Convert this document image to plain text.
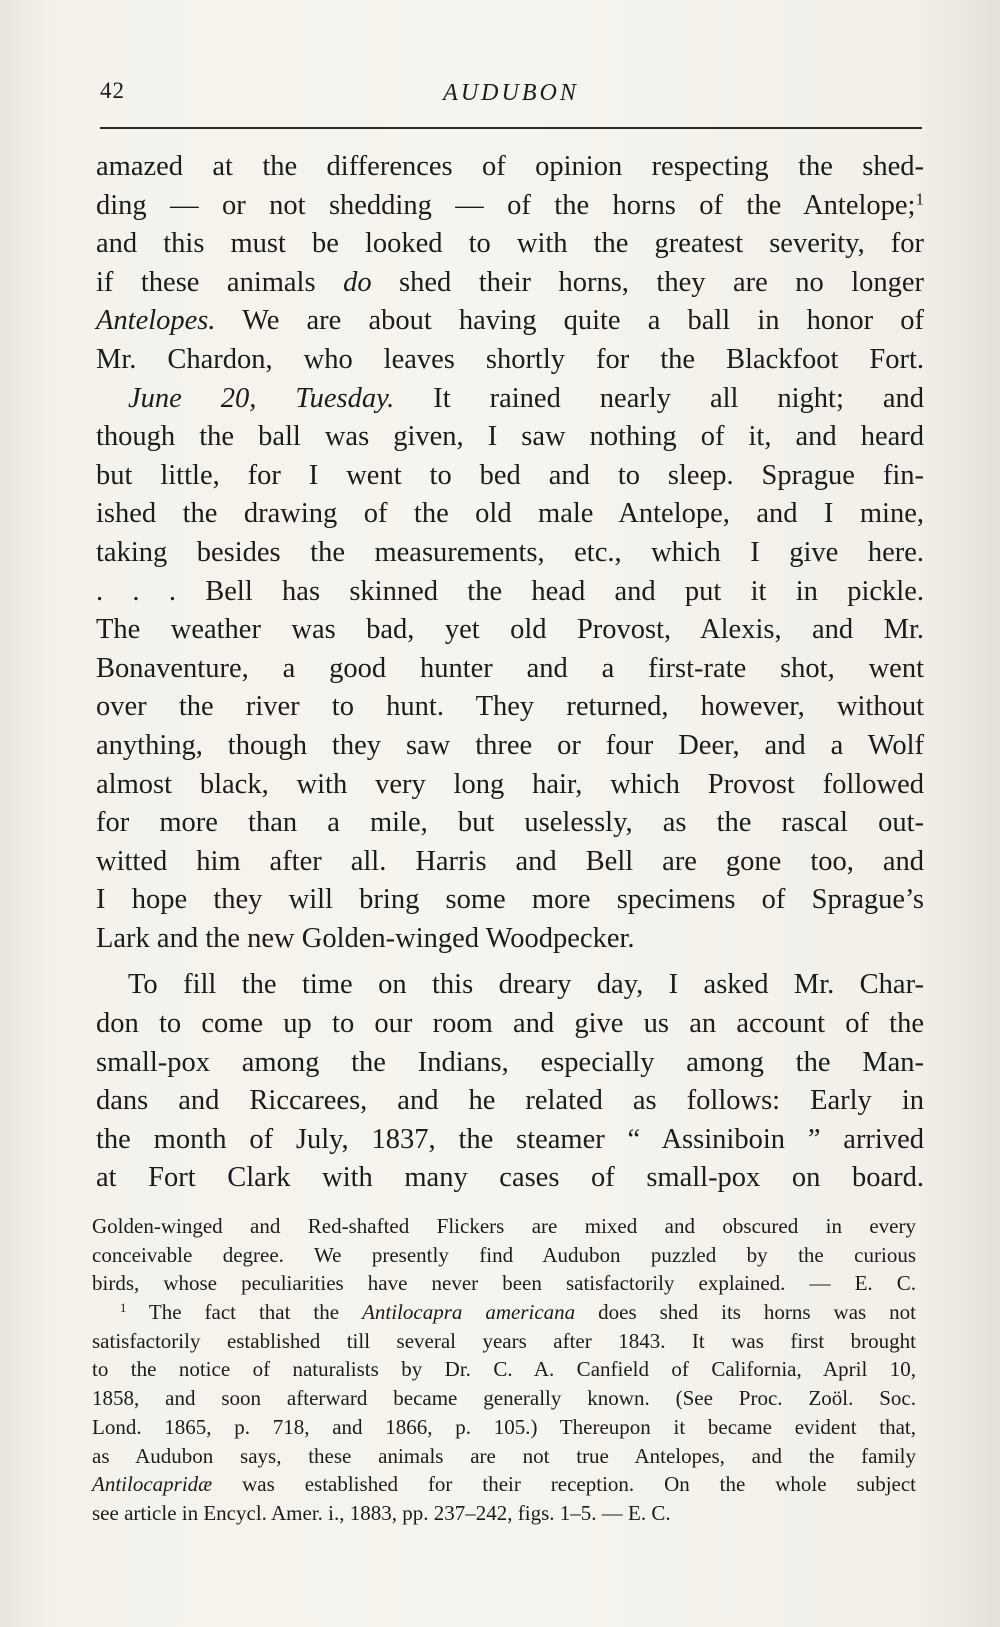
42	AUDUBON
amazed at the differences of opinion respecting the shed-
ding — or not shedding — of the horns of the Antelope;$^1$
and this must be looked to with the greatest severity, for
if these animals do shed their horns, they are no longer
Antelopes. We are about having quite a ball in honor of
Mr. Chardon, who leaves shortly for the Blackfoot Fort.
June 20, Tuesday. It rained nearly all night; and
though the ball was given, I saw nothing of it, and heard
but little, for I went to bed and to sleep. Sprague fin-
ished the drawing of the old male Antelope, and I mine,
taking besides the measurements, etc., which I give here.
. . . Bell has skinned the head and put it in pickle.
The weather was bad, yet old Provost, Alexis, and Mr.
Bonaventure, a good hunter and a first-rate shot, went
over the river to hunt. They returned, however, without
anything, though they saw three or four Deer, and a Wolf
almost black, with very long hair, which Provost followed
for more than a mile, but uselessly, as the rascal out-
witted him after all. Harris and Bell are gone too, and
I hope they will bring some more specimens of Sprague’s
Lark and the new Golden-winged Woodpecker.
To fill the time on this dreary day, I asked Mr. Char-
don to come up to our room and give us an account of the
small-pox among the Indians, especially among the Man-
dans and Riccarees, and he related as follows: Early in
the month of July, 1837, the steamer “ Assiniboin ” arrived
at Fort Clark with many cases of small-pox on board.
Golden-winged and Red-shafted Flickers are mixed and obscured in every
conceivable degree. We presently find Audubon puzzled by the curious
birds, whose peculiarities have never been satisfactorily explained. — E. C.
$^1$ The fact that the Antilocapra americana does shed its horns was not
satisfactorily established till several years after 1843. It was first brought
to the notice of naturalists by Dr. C. A. Canfield of California, April 10,
1858, and soon afterward became generally known. (See Proc. Zoöl. Soc.
Lond. 1865, p. 718, and 1866, p. 105.) Thereupon it became evident that,
as Audubon says, these animals are not true Antelopes, and the family
Antilocapridæ was established for their reception. On the whole subject
see article in Encycl. Amer. i., 1883, pp. 237–242, figs. 1–5. — E. C.
